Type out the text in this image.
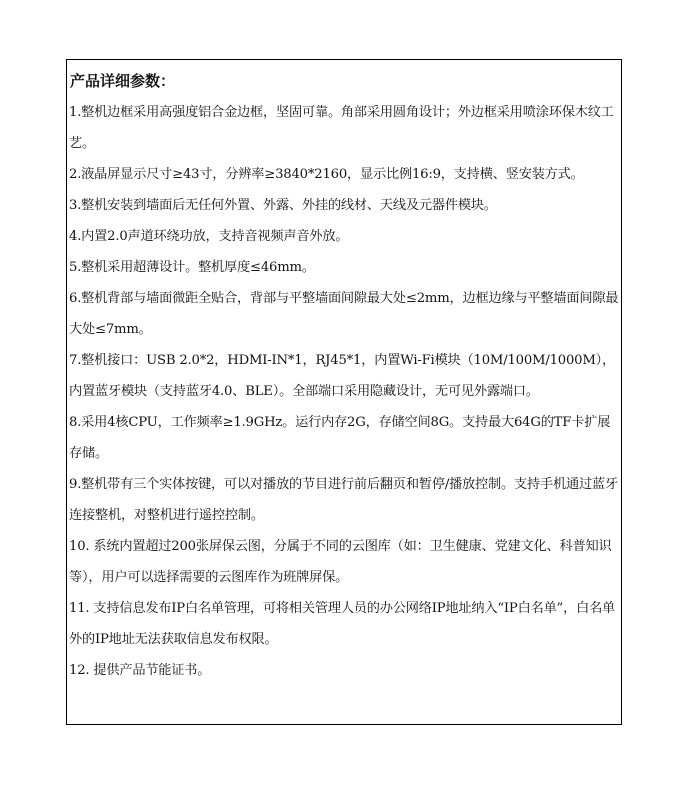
产品详细参数：

1.整机边框采用高强度铝合金边框，坚固可靠。角部采用圆角设计；外边框采用喷涂环保木纹工艺。

2.液晶屏显示尺寸≥43寸，分辨率≥3840*2160，显示比例16:9，支持横、竖安装方式。

3.整机安装到墙面后无任何外置、外露、外挂的线材、天线及元器件模块。

4.内置2.0声道环绕功放，支持音视频声音外放。

5.整机采用超薄设计。整机厚度≤46mm。

6.整机背部与墙面微距全贴合，背部与平整墙面间隙最大处≤2mm，边框边缘与平整墙面间隙最大处≤7mm。

7.整机接口：USB 2.0*2，HDMI-IN*1，RJ45*1，内置Wi-Fi模块（10M/100M/1000M），内置蓝牙模块（支持蓝牙4.0、BLE）。全部端口采用隐藏设计，无可见外露端口。

8.采用4核CPU，工作频率≥1.9GHz。运行内存2G，存储空间8G。支持最大64G的TF卡扩展存储。

9.整机带有三个实体按键，可以对播放的节目进行前后翻页和暂停/播放控制。支持手机通过蓝牙连接整机，对整机进行遥控控制。

10. 系统内置超过200张屏保云图，分属于不同的云图库（如：卫生健康、党建文化、科普知识等），用户可以选择需要的云图库作为班牌屏保。

11. 支持信息发布IP白名单管理，可将相关管理人员的办公网络IP地址纳入“IP白名单”，白名单外的IP地址无法获取信息发布权限。

12. 提供产品节能证书。
